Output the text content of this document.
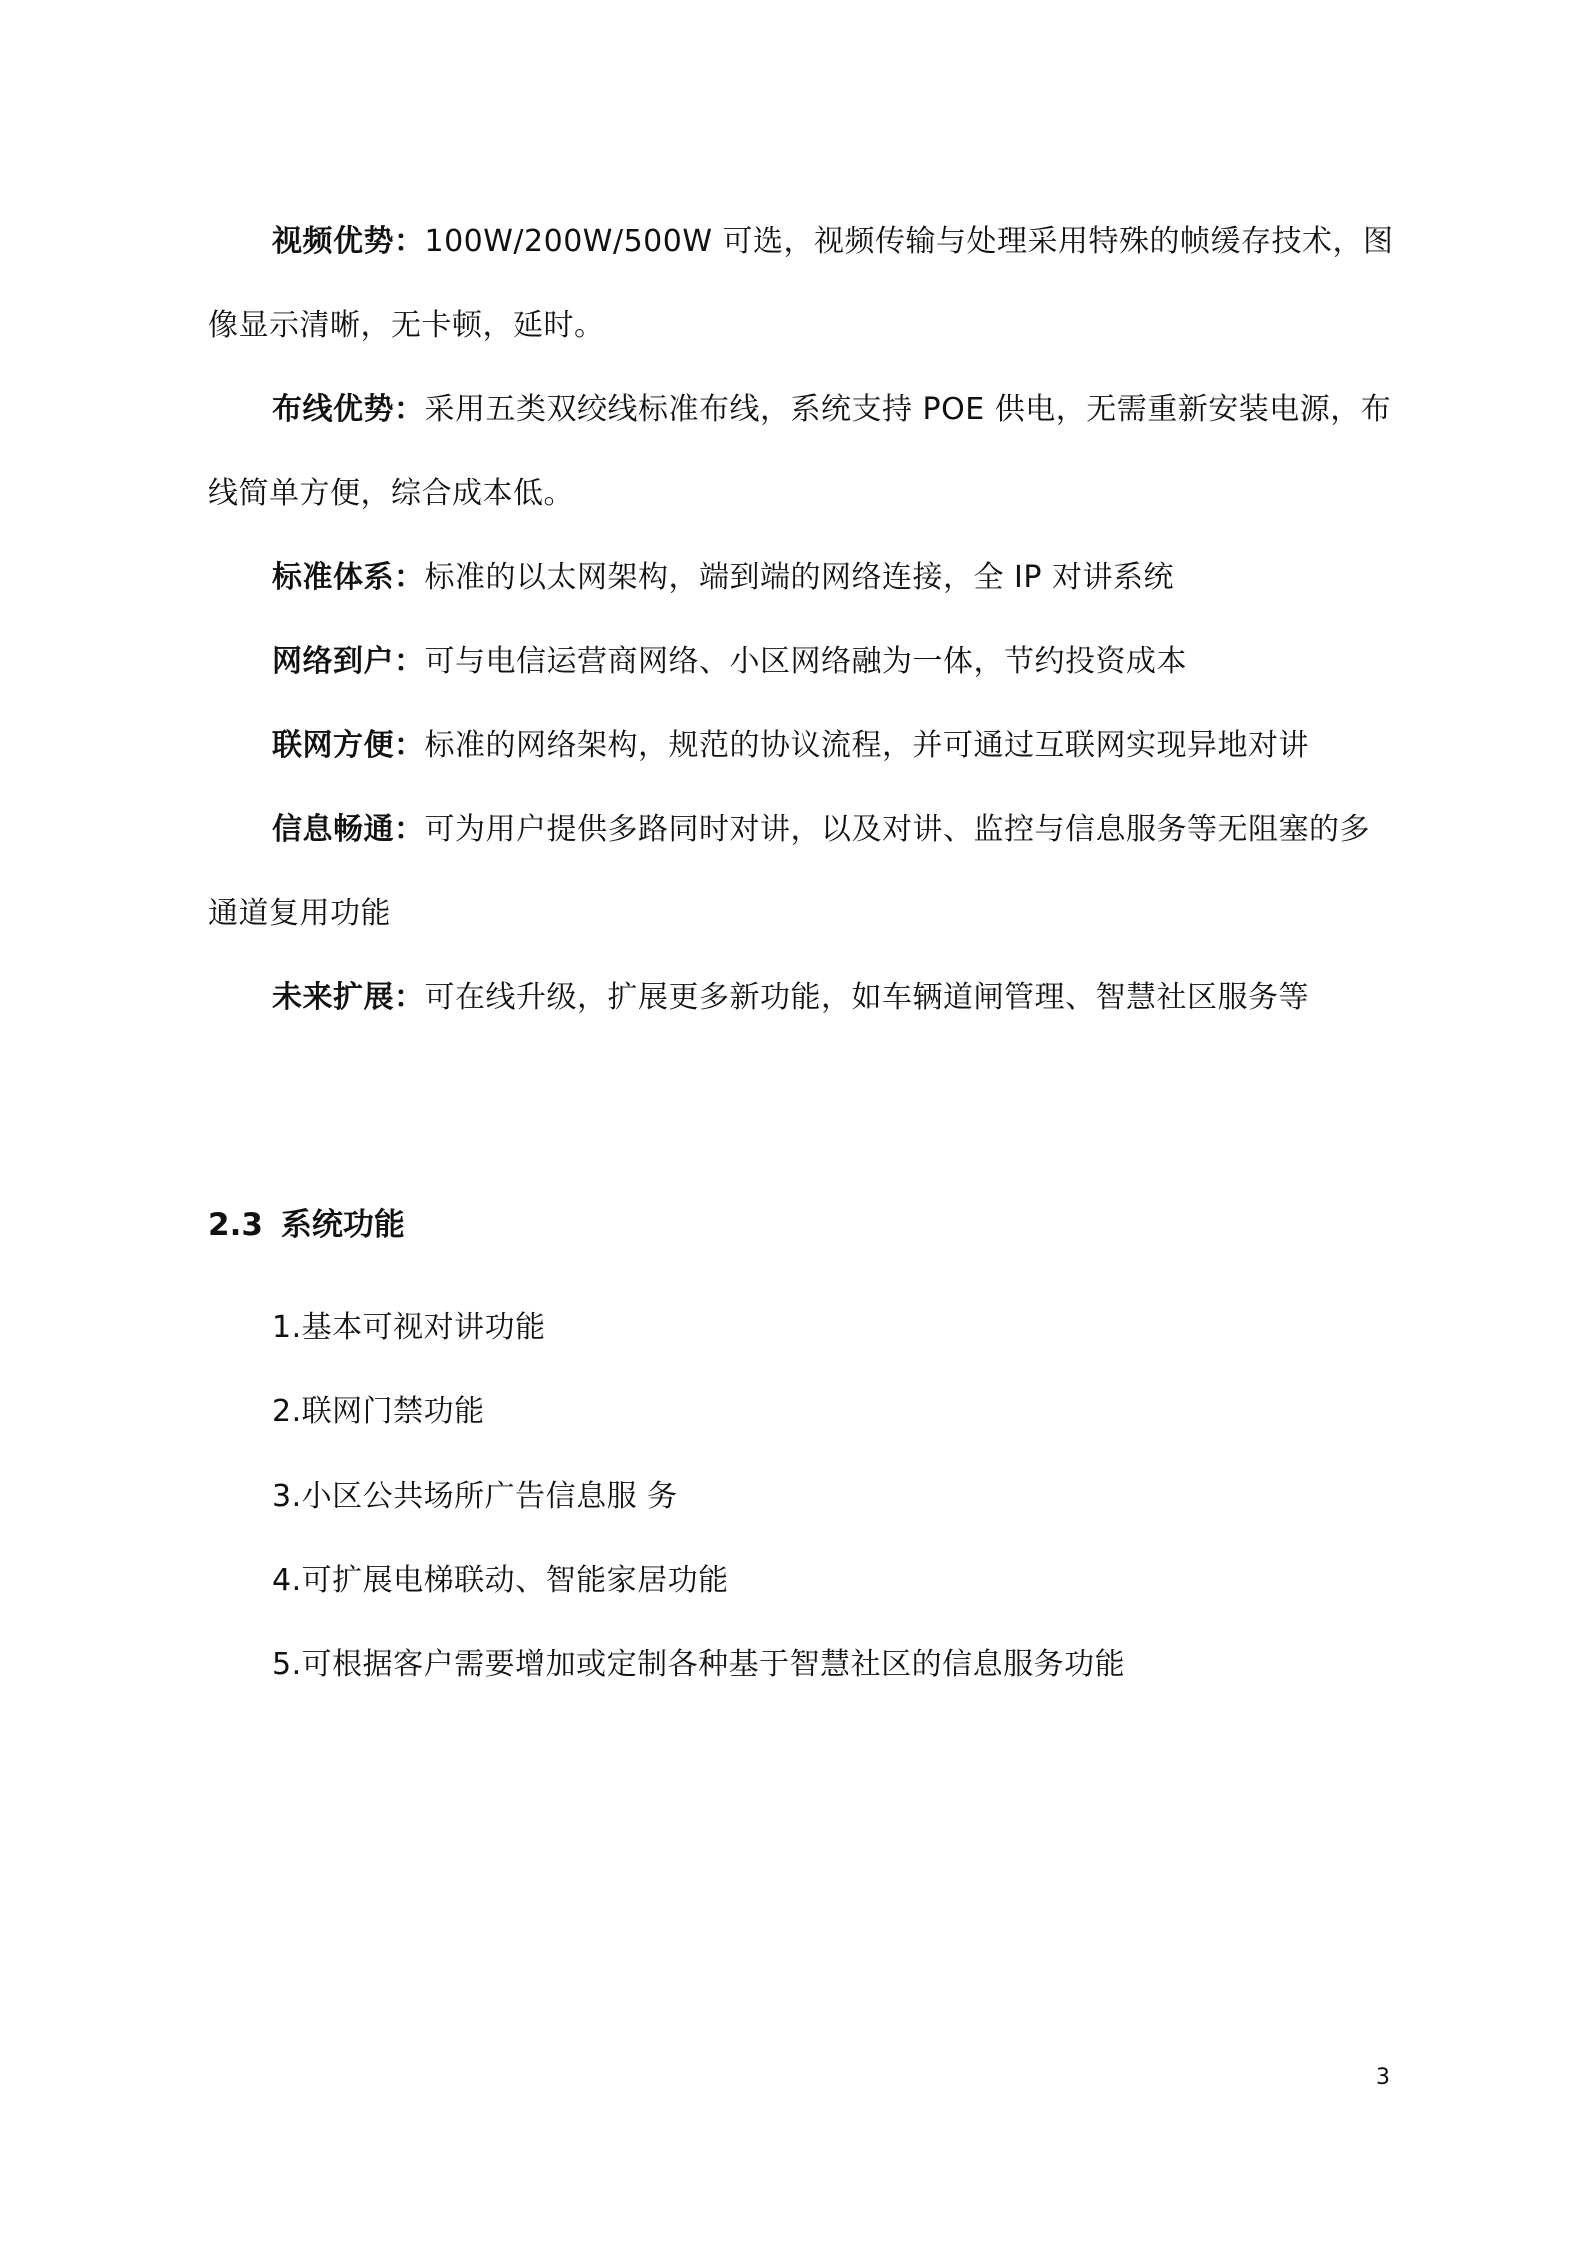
视频优势：100W/200W/500W 可选，视频传输与处理采用特殊的帧缓存技术，图像显示清晰，无卡顿，延时。
布线优势：采用五类双绞线标准布线，系统支持 POE 供电，无需重新安装电源，布线简单方便，综合成本低。
标准体系：标准的以太网架构，端到端的网络连接，全 IP 对讲系统
网络到户：可与电信运营商网络、小区网络融为一体，节约投资成本
联网方便：标准的网络架构，规范的协议流程，并可通过互联网实现异地对讲
信息畅通：可为用户提供多路同时对讲，以及对讲、监控与信息服务等无阻塞的多通道复用功能
未来扩展：可在线升级，扩展更多新功能，如车辆道闸管理、智慧社区服务等
2.3 系统功能
1.基本可视对讲功能
2.联网门禁功能
3.小区公共场所广告信息服 务
4.可扩展电梯联动、智能家居功能
5.可根据客户需要增加或定制各种基于智慧社区的信息服务功能
3
